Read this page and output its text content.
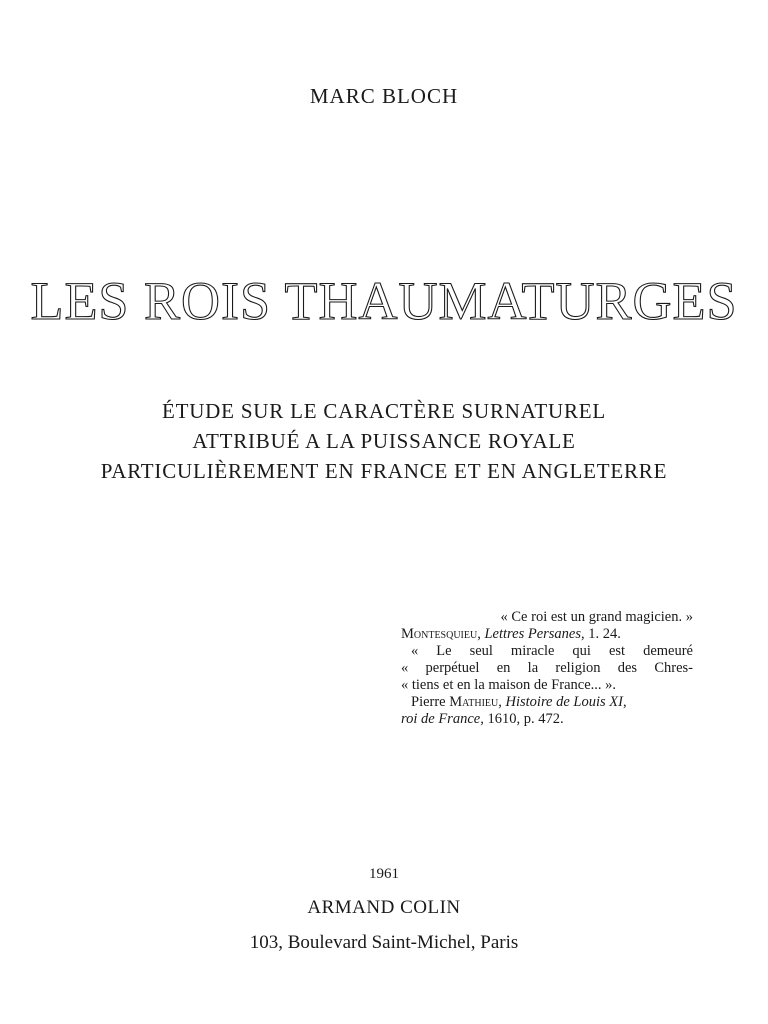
MARC BLOCH
LES ROIS THAUMATURGES
ÉTUDE SUR LE CARACTÈRE SURNATUREL
ATTRIBUÉ A LA PUISSANCE ROYALE
PARTICULIÈREMENT EN FRANCE ET EN ANGLETERRE
« Ce roi est un grand magicien. »
Montesquieu, Lettres Persanes, 1. 24.
« Le seul miracle qui est demeuré
« perpétuel en la religion des Chres-
« tiens et en la maison de France... ».
Pierre Mathieu, Histoire de Louis XI,
roi de France, 1610, p. 472.
1961
ARMAND COLIN
103, Boulevard Saint-Michel, Paris
